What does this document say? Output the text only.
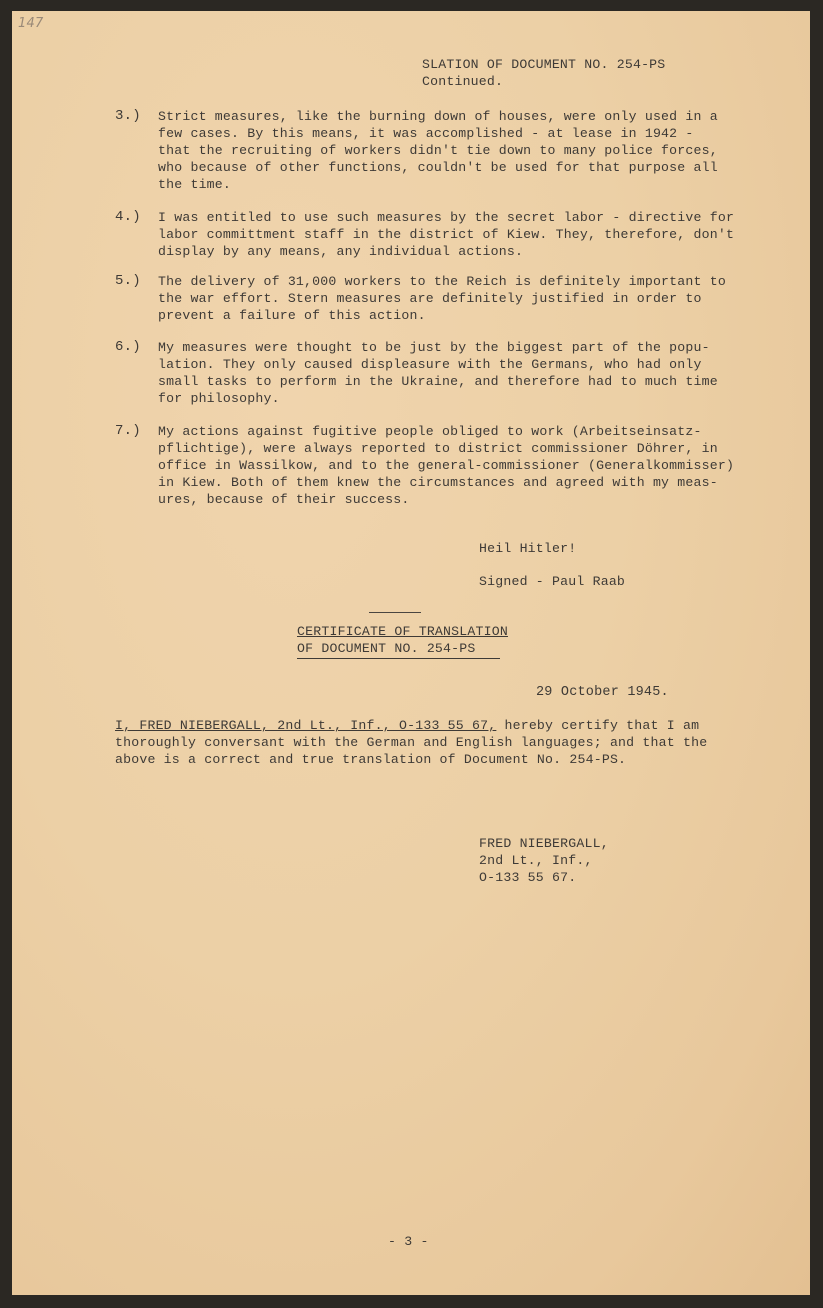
147
SLATION OF DOCUMENT NO. 254-PS
Continued.
3.) Strict measures, like the burning down of houses, were only used in a
few cases. By this means, it was accomplished - at lease in 1942 -
that the recruiting of workers didn't tie down to many police forces,
who because of other functions, couldn't be used for that purpose all
the time.
4.) I was entitled to use such measures by the secret labor - directive for
labor committment staff in the district of Kiew. They, therefore, don't
display by any means, any individual actions.
5.) The delivery of 31,000 workers to the Reich is definitely important to
the war effort. Stern measures are definitely justified in order to
prevent a failure of this action.
6.) My measures were thought to be just by the biggest part of the popu-
lation. They only caused displeasure with the Germans, who had only
small tasks to perform in the Ukraine, and therefore had to much time
for philosophy.
7.) My actions against fugitive people obliged to work (Arbeitseinsatz-
pflichtige), were always reported to district commissioner Döhrer, in
office in Wassilkow, and to the general-commissioner (Generalkommisser)
in Kiew. Both of them knew the circumstances and agreed with my meas-
ures, because of their success.
Heil Hitler!
Signed - Paul Raab
CERTIFICATE OF TRANSLATION
OF DOCUMENT NO. 254-PS
29 October 1945.
I, FRED NIEBERGALL, 2nd Lt., Inf., O-133 55 67, hereby certify that I am
thoroughly conversant with the German and English languages; and that the
above is a correct and true translation of Document No. 254-PS.
FRED NIEBERGALL,
2nd Lt., Inf.,
O-133 55 67.
- 3 -
